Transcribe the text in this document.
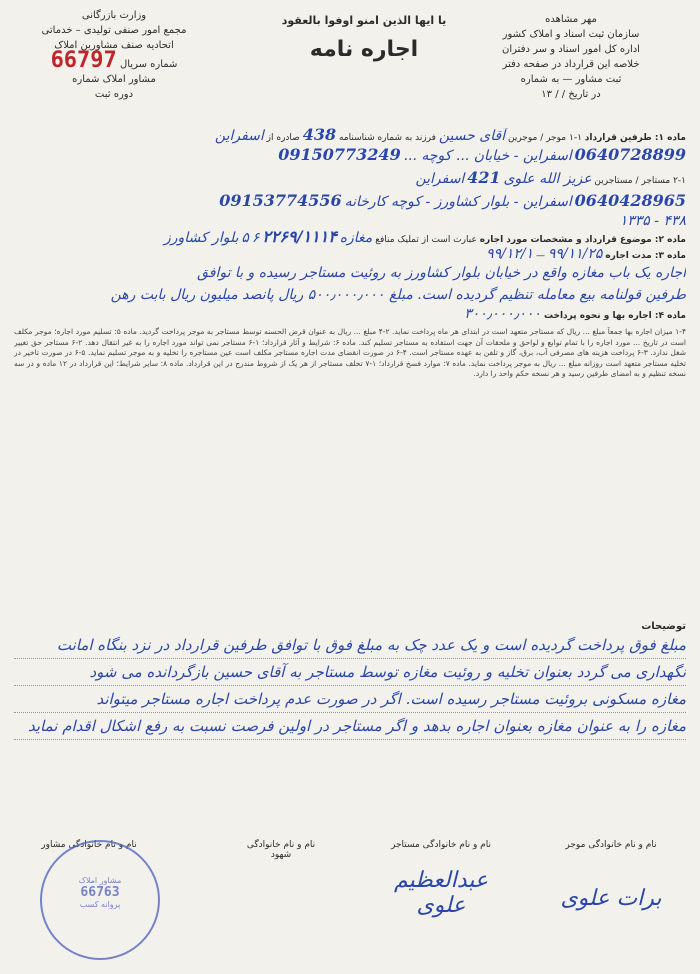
وزارت بازرگانی
مجمع امور صنفی تولیدی – خدماتی
اتحادیه صنف مشاورین املاک
شماره سریال 66797
مشاور املاک شماره
دوره ثبت
یا ایها الذین امنو اوفوا بالعقود
اجاره نامه
مهر مشاهده
سازمان ثبت اسناد و املاک کشور
اداره کل امور اسناد و سر دفتران
خلاصه این قرارداد در صفحه دفتر
ثبت مشاور — به شماره
در تاریخ / / ۱۳
ماده ۱: طرفین قرارداد ۱-۱ موجر / موجرین آقای حسین فرزند به شماره شناسنامه 438 صادره از اسفراین
0640728899 اسفراین - خیابان ... کوچه ... 09150773249
۲-۱ مستاجر / مستاجرین عزیز الله علوی 421 اسفراین
0640428965 اسفراین - بلوار کشاورز - کوچه کارخانه 09153774556
۴۳۸ - ۱۳۳۵
ماده ۲: موضوع قرارداد و مشخصات مورد اجاره عبارت است از تملیک منافع مغازه ۲۲۶۹/۱۱۱۴ ۶ ۵ بلوار کشاورز
ماده ۳: مدت اجاره ۹۹/۱۱/۲۵ — ۹۹/۱۲/۱
اجاره یک باب مغازه واقع در خیابان بلوار کشاورز به روئیت مستاجر رسیده و با توافق
طرفین قولنامه بیع معامله تنظیم گردیده است. مبلغ ۵۰۰٫۰۰۰٫۰۰۰ ریال پانصد میلیون ریال بابت رهن
ماده ۴: اجاره بها و نحوه پرداخت ۳۰۰٫۰۰۰٫۰۰۰
۱-۴ میزان اجاره بها جمعاً مبلغ ... ریال که مستاجر متعهد است در ابتدای هر ماه پرداخت نماید. ۲-۴ مبلغ ... ریال به عنوان قرض الحسنه توسط مستاجر به موجر پرداخت گردید. ماده ۵: تسلیم مورد اجاره؛ موجر مکلف است در تاریخ ... مورد اجاره را با تمام توابع و لواحق و ملحقات آن جهت استفاده به مستاجر تسلیم کند. ماده ۶: شرایط و آثار قرارداد؛ ۱-۶ مستاجر نمی تواند مورد اجاره را به غیر انتقال دهد. ۲-۶ مستاجر حق تغییر شغل ندارد. ۳-۶ پرداخت هزینه های مصرفی آب، برق، گاز و تلفن به عهده مستاجر است. ۴-۶ در صورت انقضای مدت اجاره مستاجر مکلف است عین مستاجره را تخلیه و به موجر تسلیم نماید. ۵-۶ در صورت تاخیر در تخلیه مستاجر متعهد است روزانه مبلغ ... ریال به موجر پرداخت نماید. ماده ۷: موارد فسخ قرارداد؛ ۱-۷ تخلف مستاجر از هر یک از شروط مندرج در این قرارداد. ماده ۸: سایر شرایط؛ این قرارداد در ۱۲ ماده و در سه نسخه تنظیم و به امضای طرفین رسید و هر نسخه حکم واحد را دارد.
توضیحات
مبلغ فوق پرداخت گردیده است و یک عدد چک به مبلغ فوق با توافق طرفین قرارداد در نزد بنگاه امانت
نگهداری می گردد بعنوان تخلیه و روئیت مغازه توسط مستاجر به آقای حسین بازگردانده می شود
مغازه مسکونی بروئیت مستاجر رسیده است. اگر در صورت عدم پرداخت اجاره مستاجر میتواند
مغازه را به عنوان مغازه بعنوان اجاره بدهد و اگر مستاجر در اولین فرصت نسبت به رفع اشکال اقدام نماید
نام و نام خانوادگی موجر
برات علوی
نام و نام خانوادگی مستاجر
عبدالعظیم علوی
نام و نام خانوادگی
شهود
نام و نام خانوادگی مشاور
مشاور املاک
66763
پروانه کسب
